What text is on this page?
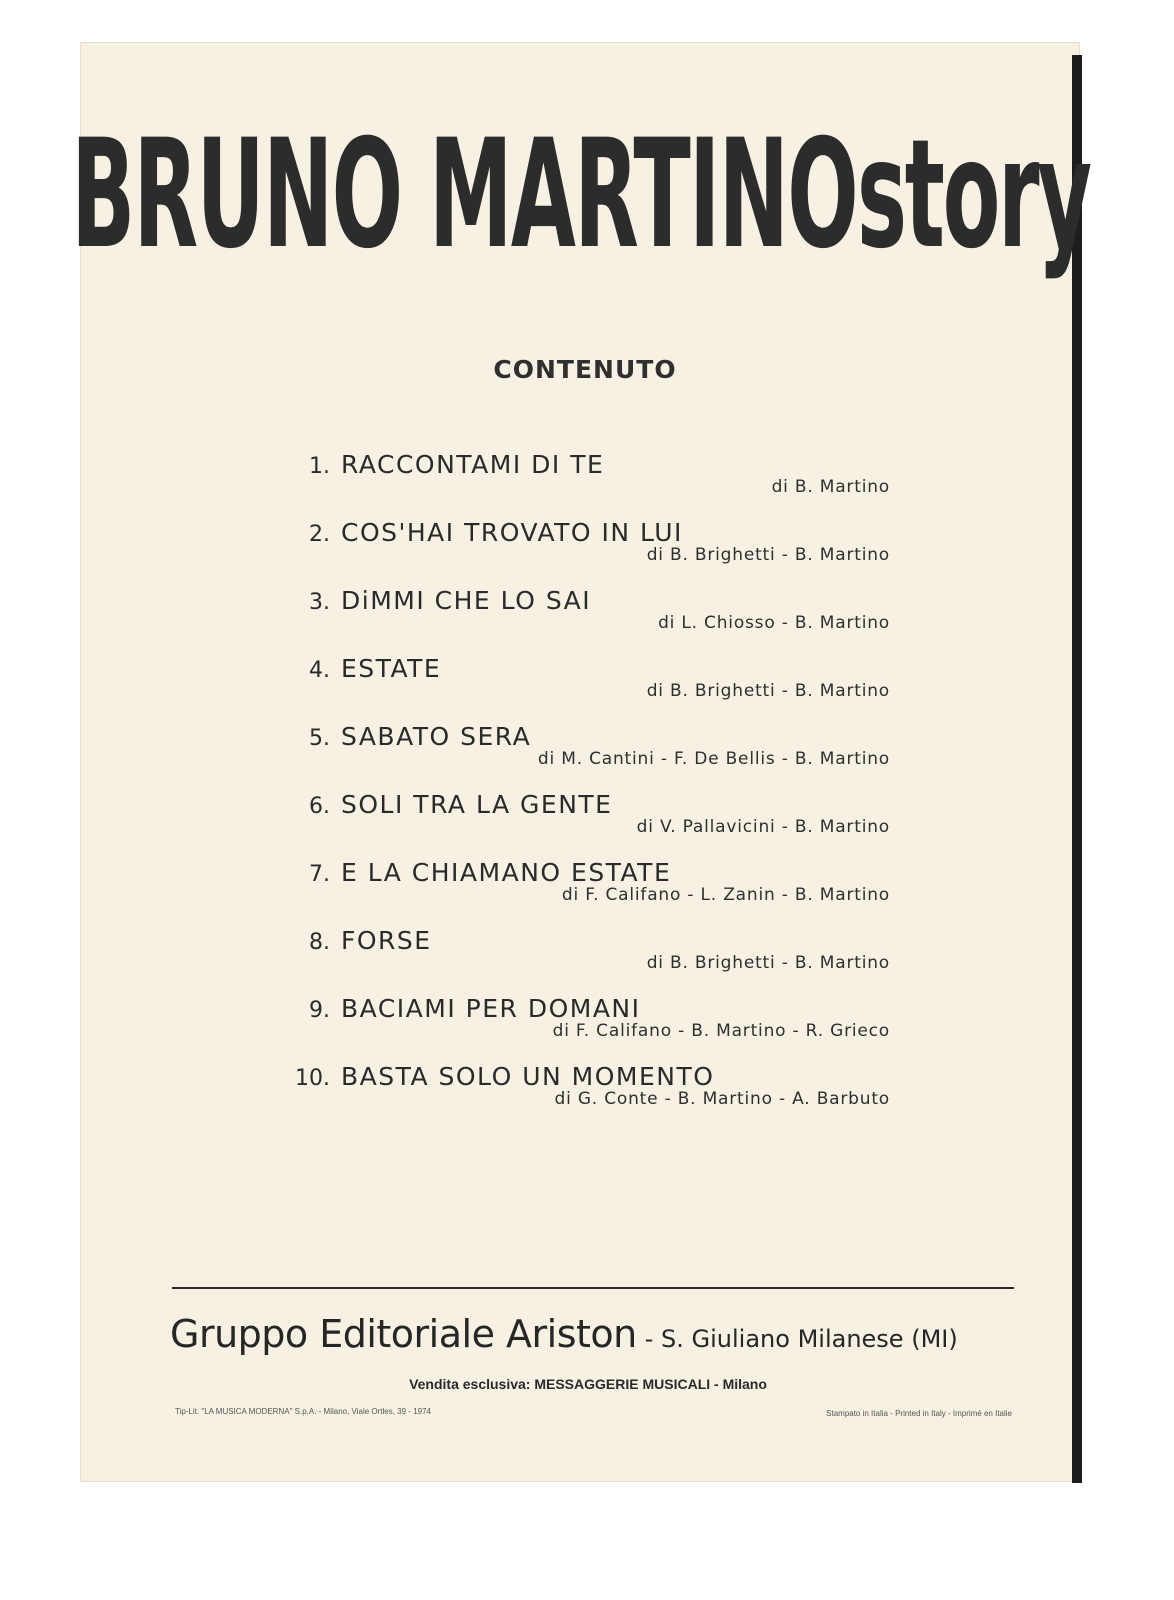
BRUNO MARTINOstory
CONTENUTO
1. RACCONTAMI DI TE
di B. Martino
2. COS'HAI TROVATO IN LUI
di B. Brighetti - B. Martino
3. DiMMI CHE LO SAI
di L. Chiosso - B. Martino
4. ESTATE
di B. Brighetti - B. Martino
5. SABATO SERA
di M. Cantini - F. De Bellis - B. Martino
6. SOLI TRA LA GENTE
di V. Pallavicini - B. Martino
7. E LA CHIAMANO ESTATE
di F. Califano - L. Zanin - B. Martino
8. FORSE
di B. Brighetti - B. Martino
9. BACIAMI PER DOMANI
di F. Califano - B. Martino - R. Grieco
10. BASTA SOLO UN MOMENTO
di G. Conte - B. Martino - A. Barbuto
Gruppo Editoriale Ariston - S. Giuliano Milanese (MI)
Vendita esclusiva: MESSAGGERIE MUSICALI - Milano
Tip-Lit. "LA MUSICA MODERNA" S.p.A. - Milano, Viale Ortles, 39 - 1974	Stampato in Italia - Printed in Italy - Imprimé en Italie
